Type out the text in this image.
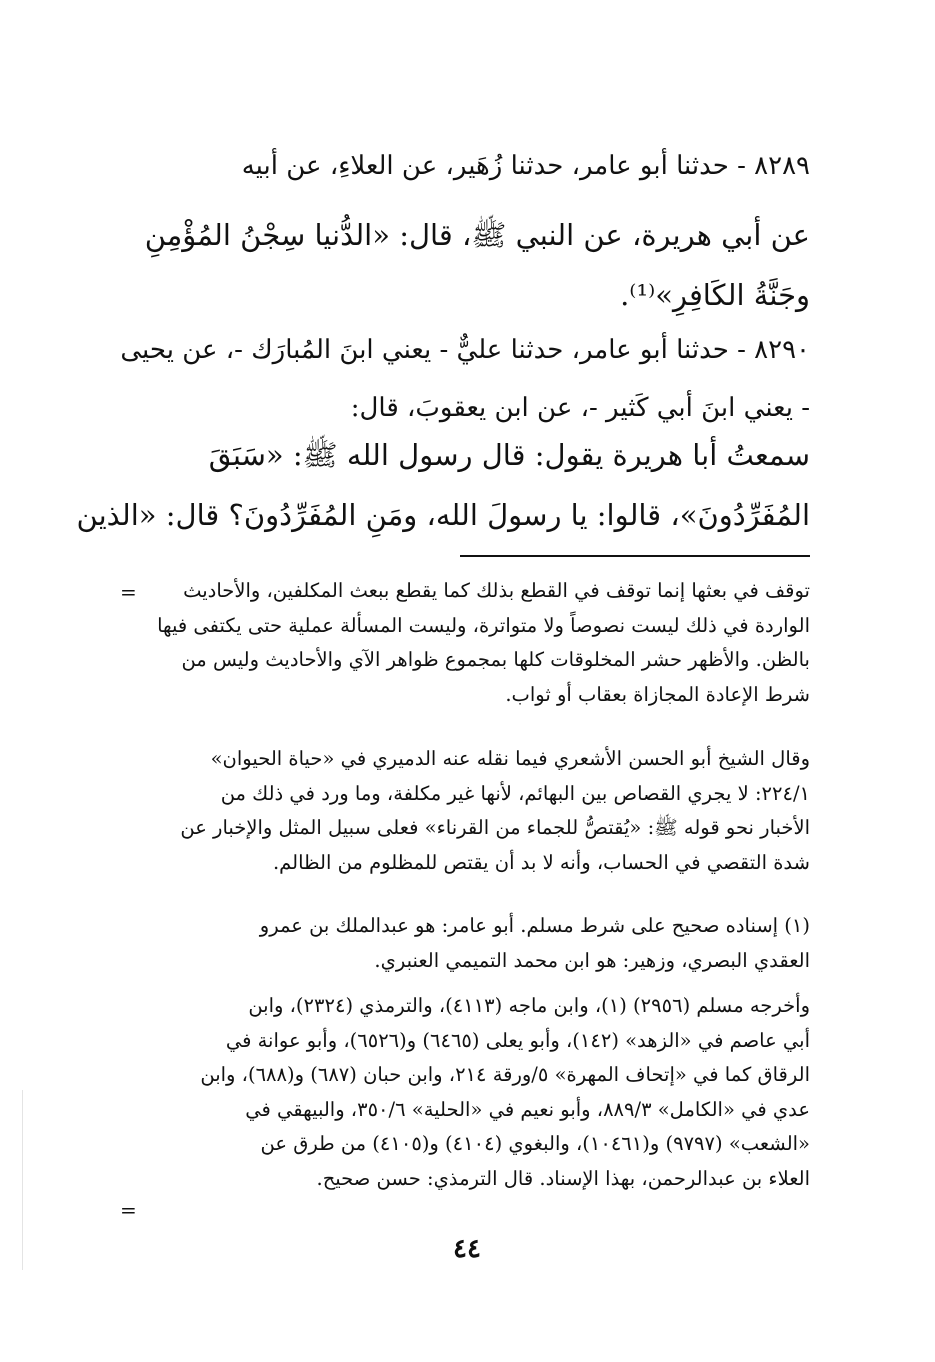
٨٢٨٩ - حدثنا أبو عامر، حدثنا زُهَير، عن العلاءِ، عن أبيه
عن أبي هريرة، عن النبي ﷺ، قال: «الدُّنيا سِجْنُ المُؤْمِنِ
وجَنَّةُ الكَافِرِ»⁽¹⁾.
٨٢٩٠ - حدثنا أبو عامر، حدثنا عليٌّ - يعني ابنَ المُبارَك -، عن يحيى
- يعني ابنَ أبي كَثير -، عن ابن يعقوبَ، قال:
سمعتُ أبا هريرة يقول: قال رسول الله ﷺ: «سَبَقَ
المُفَرِّدُونَ»، قالوا: يا رسولَ الله، ومَنِ المُفَرِّدُونَ؟ قال: «الذين
=	توقف في بعثها إنما توقف في القطع بذلك كما يقطع ببعث المكلفين، والأحاديث
الواردة في ذلك ليست نصوصاً ولا متواترة، وليست المسألة عملية حتى يكتفى فيها
بالظن. والأظهر حشر المخلوقات كلها بمجموع ظواهر الآي والأحاديث وليس من
شرط الإعادة المجازاة بعقاب أو ثواب.
وقال الشيخ أبو الحسن الأشعري فيما نقله عنه الدميري في «حياة الحيوان»
٢٢٤/١: لا يجري القصاص بين البهائم، لأنها غير مكلفة، وما ورد في ذلك من
الأخبار نحو قوله ﷺ: «يُقتصُّ للجماء من القرناء» فعلى سبيل المثل والإخبار عن
شدة التقصي في الحساب، وأنه لا بد أن يقتص للمظلوم من الظالم.
(١) إسناده صحيح على شرط مسلم. أبو عامر: هو عبدالملك بن عمرو
العقدي البصري، وزهير: هو ابن محمد التميمي العنبري.
وأخرجه مسلم (٢٩٥٦) (١)، وابن ماجه (٤١١٣)، والترمذي (٢٣٢٤)، وابن
أبي عاصم في «الزهد» (١٤٢)، وأبو يعلى (٦٤٦٥) و(٦٥٢٦)، وأبو عوانة في
الرقاق كما في «إتحاف المهرة» ٥/ورقة ٢١٤، وابن حبان (٦٨٧) و(٦٨٨)، وابن
عدي في «الكامل» ٨٨٩/٣، وأبو نعيم في «الحلية» ٣٥٠/٦، والبيهقي في
«الشعب» (٩٧٩٧) و(١٠٤٦١)، والبغوي (٤١٠٤) و(٤١٠٥) من طرق عن
العلاء بن عبدالرحمن، بهذا الإسناد. قال الترمذي: حسن صحيح.
=
٤٤
